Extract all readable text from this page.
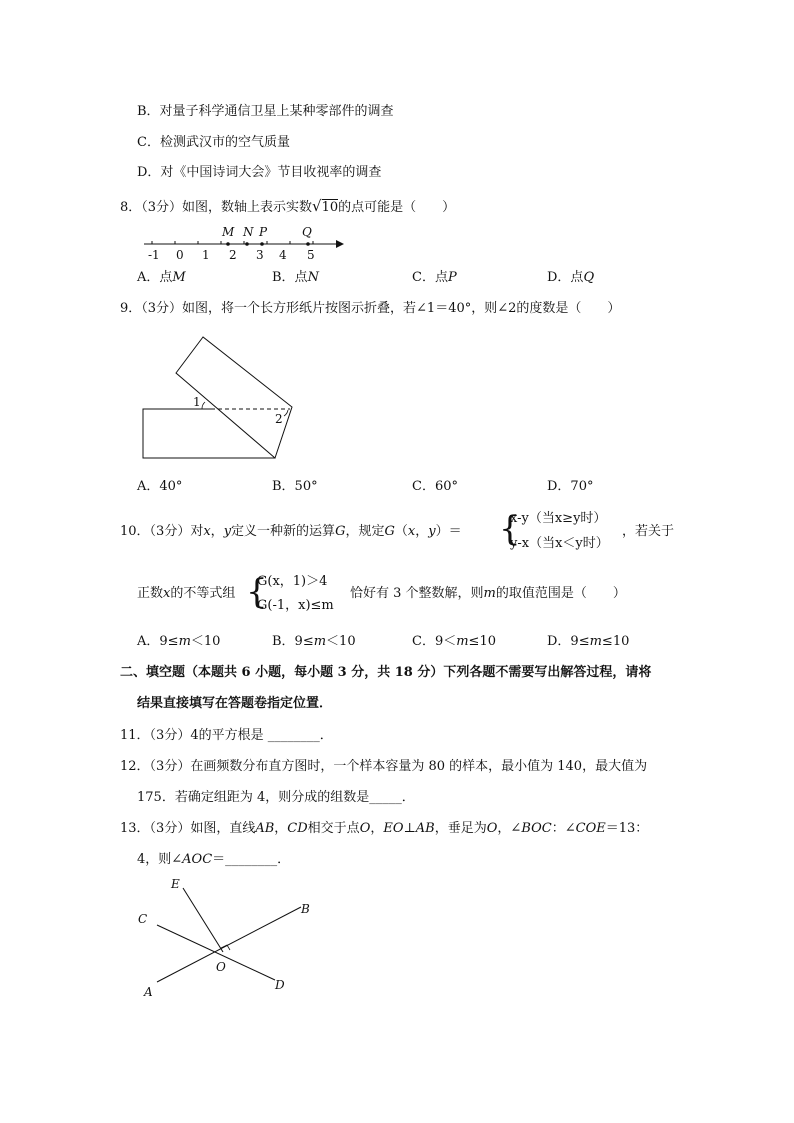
B．对量子科学通信卫星上某种零部件的调查
C．检测武汉市的空气质量
D．对《中国诗词大会》节目收视率的调查
8．（3分）如图，数轴上表示实数√10的点可能是（　　）
-1 0 1 2 3 4 5
M N P	Q
A．点M	B．点N	C．点P	D．点Q
9．（3分）如图，将一个长方形纸片按图示折叠，若∠1＝40°，则∠2的度数是（　　）
1
2
A．40°	B．50°	C．60°	D．70°
10．（3分）对x，y定义一种新的运算G，规定G（x，y）＝ {
x-y（当x≥y时）
y-x（当x＜y时）
，若关于
正数x的不等式组 {
G(x，1)＞4
G(-1，x)≤m
恰好有 3 个整数解，则m的取值范围是（　　）
A．9≤m＜10	B．9≤m＜10	C．9＜m≤10	D．9≤m≤10
二、填空题（本题共 6 小题，每小题 3 分，共 18 分）下列各题不需要写出解答过程，请将
结果直接填写在答题卷指定位置．
11．（3分）4的平方根是 ________．
12．（3分）在画频数分布直方图时，一个样本容量为 80 的样本，最小值为 140，最大值为
175．若确定组距为 4，则分成的组数是_____．
13．（3分）如图，直线AB，CD相交于点O，EO⊥AB，垂足为O，∠BOC：∠COE＝13：
4，则∠AOC＝________．
E
B
C
O
A	D
